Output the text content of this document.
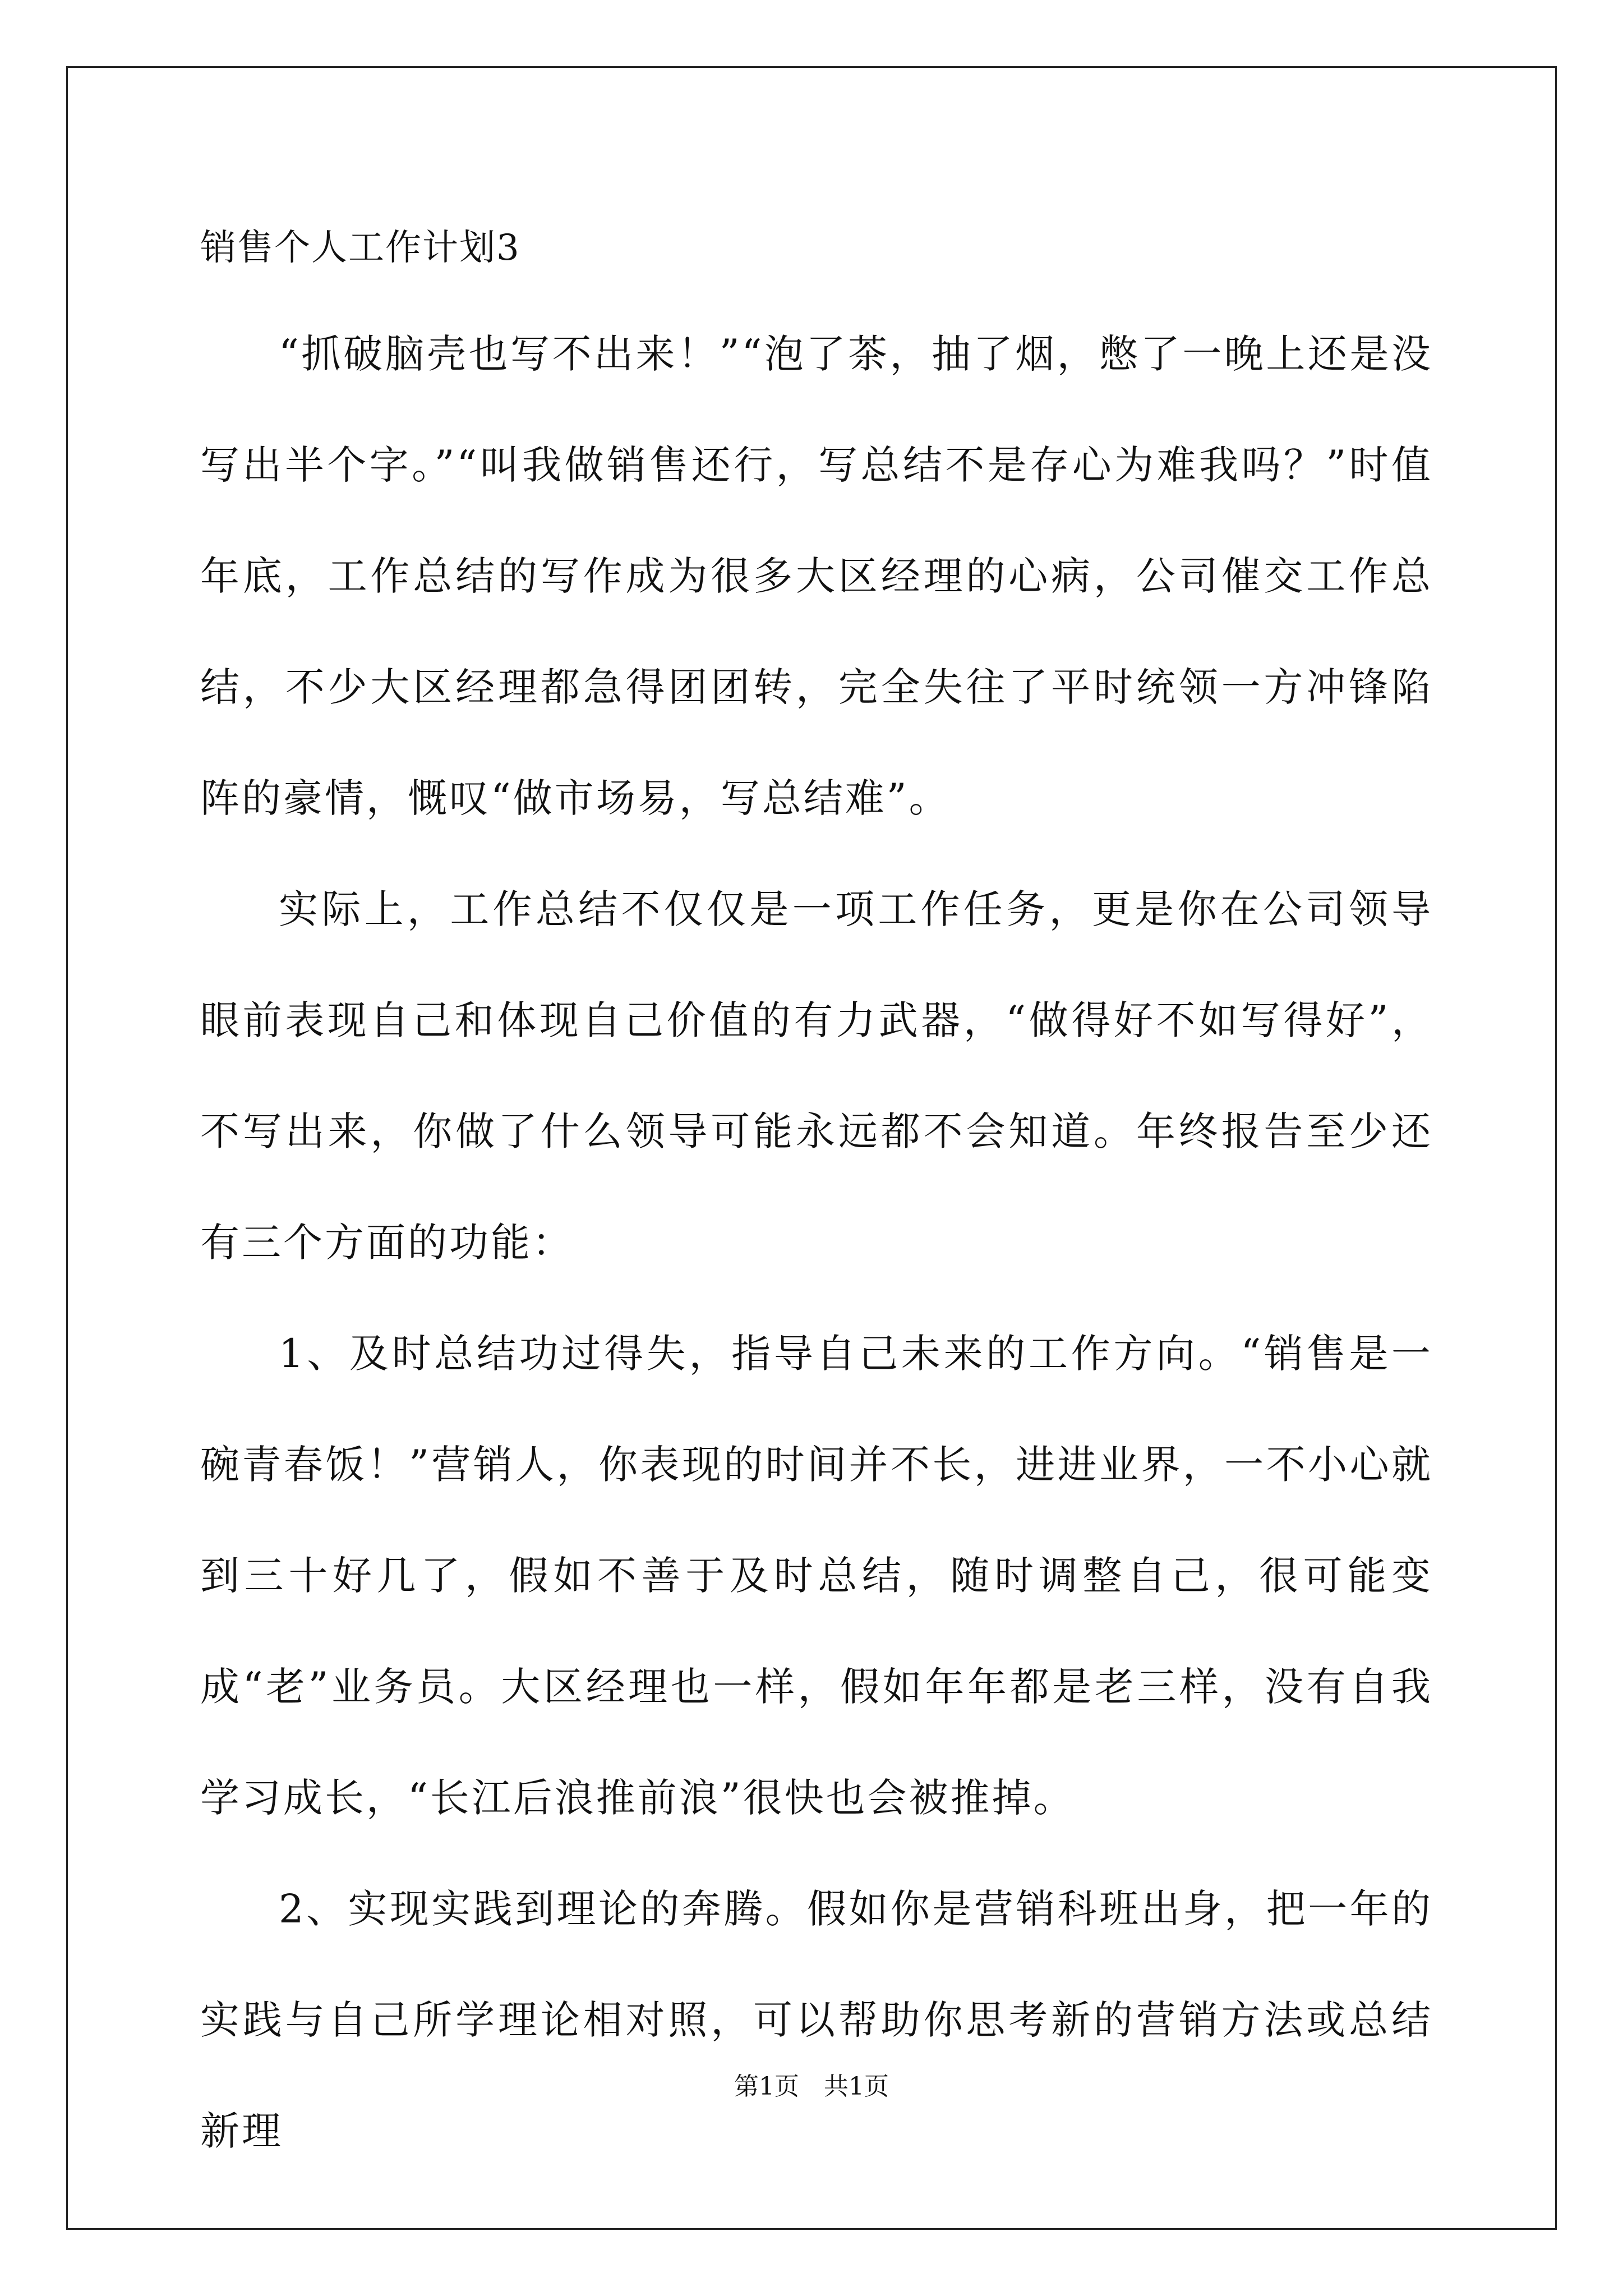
销售个人工作计划3

“抓破脑壳也写不出来！”“泡了茶，抽了烟，憋了一晚上还是没写出半个字。”“叫我做销售还行，写总结不是存心为难我吗？”时值年底，工作总结的写作成为很多大区经理的心病，公司催交工作总结，不少大区经理都急得团团转，完全失往了平时统领一方冲锋陷阵的豪情，慨叹“做市场易，写总结难”。

实际上，工作总结不仅仅是一项工作任务，更是你在公司领导眼前表现自己和体现自己价值的有力武器，“做得好不如写得好”，不写出来，你做了什么领导可能永远都不会知道。年终报告至少还有三个方面的功能：

1、及时总结功过得失，指导自己未来的工作方向。“销售是一碗青春饭！”营销人，你表现的时间并不长，进进业界，一不小心就到三十好几了，假如不善于及时总结，随时调整自己，很可能变成“老”业务员。大区经理也一样，假如年年都是老三样，没有自我学习成长，“长江后浪推前浪”很快也会被推掉。

2、实现实践到理论的奔腾。假如你是营销科班出身，把一年的实践与自己所学理论相对照，可以帮助你思考新的营销方法或总结新理

第1页　共1页
